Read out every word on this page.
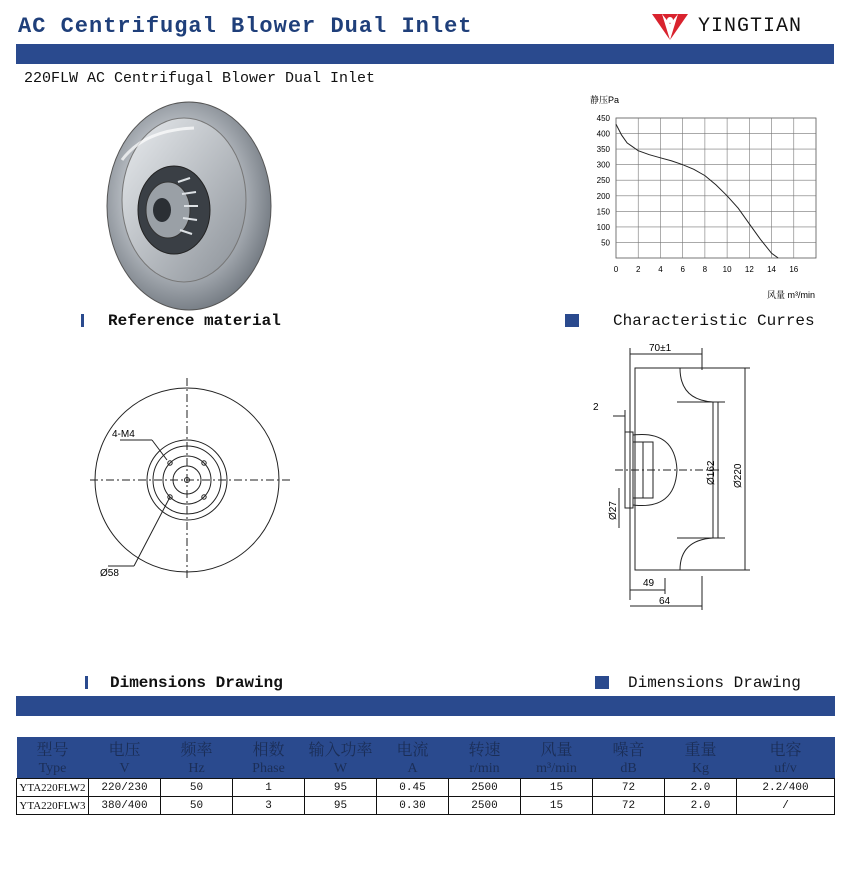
AC Centrifugal Blower Dual Inlet	YINGTIAN
220FLW AC Centrifugal Blower Dual Inlet
静压Pa
50
100
150
200
250
300
350
400
450
0 2 4 6 8 10 12 14 16
风量 m³/min
Reference material	Characteristic Curres
4-M4
Ø58
70±1
2
Ø162 Ø220
Ø27
49
64
Dimensions Drawing	Dimensions Drawing
型号	电压	频率	相数	输入功率	电流	转速	风量	噪音	重量	电容
Type	V	Hz	Phase	W	A	r/min	m³/min	dB	Kg	uf/v
YTA220FLW2	220/230	50	1	95	0.45	2500	15	72	2.0	2.2/400
YTA220FLW3	380/400	50	3	95	0.30	2500	15	72	2.0	/
